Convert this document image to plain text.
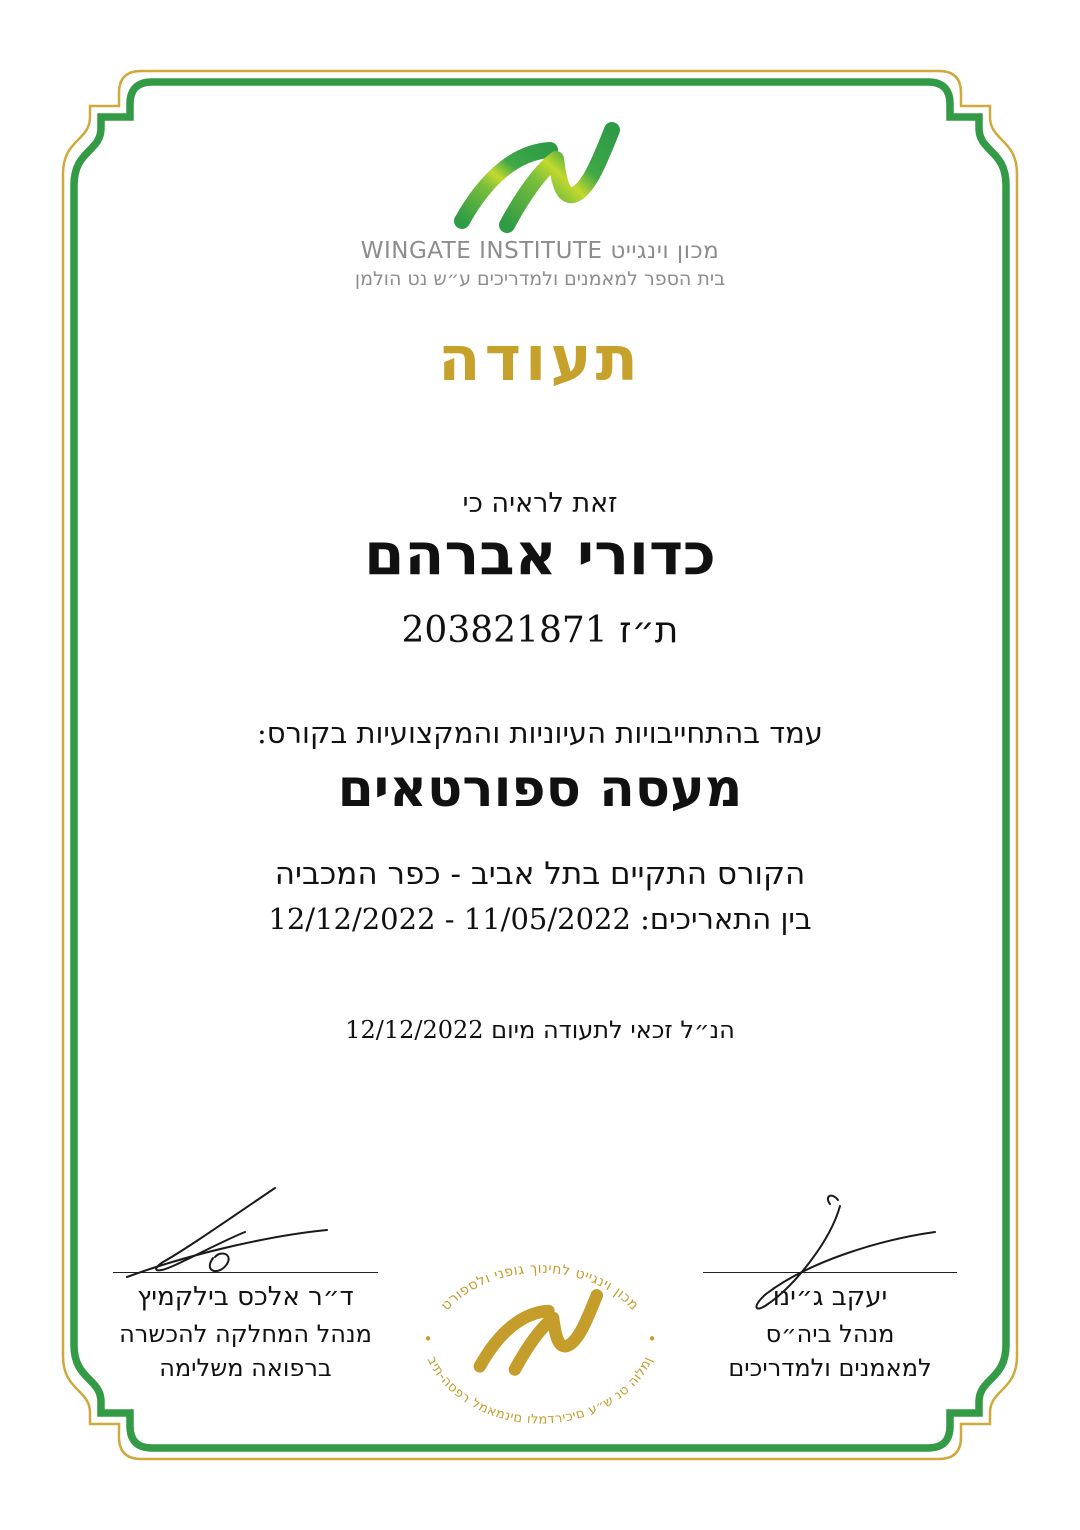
מכון וינגייט WINGATE INSTITUTE
בית הספר למאמנים ולמדריכים ע״ש נט הולמן
תעודה
זאת לראיה כי
כדורי אברהם
ת״ז 203821871
עמד בהתחייבויות העיוניות והמקצועיות בקורס:
מעסה ספורטאים
הקורס התקיים בתל אביב - כפר המכביה
בין התאריכים: 11/05/2022 - 12/12/2022
הנ״ל זכאי לתעודה מיום 12/12/2022
ד״ר אלכס בילקמיץ
מנהל המחלקה להכשרה
ברפואה משלימה
יעקב ג״ינו
מנהל ביה״ס
למאמנים ולמדריכים
מכון וינגייט לחינוך גופני ולספורט
בית-הספר למאמנים ולמדריכים ע״ש נט הולמן
•	•
